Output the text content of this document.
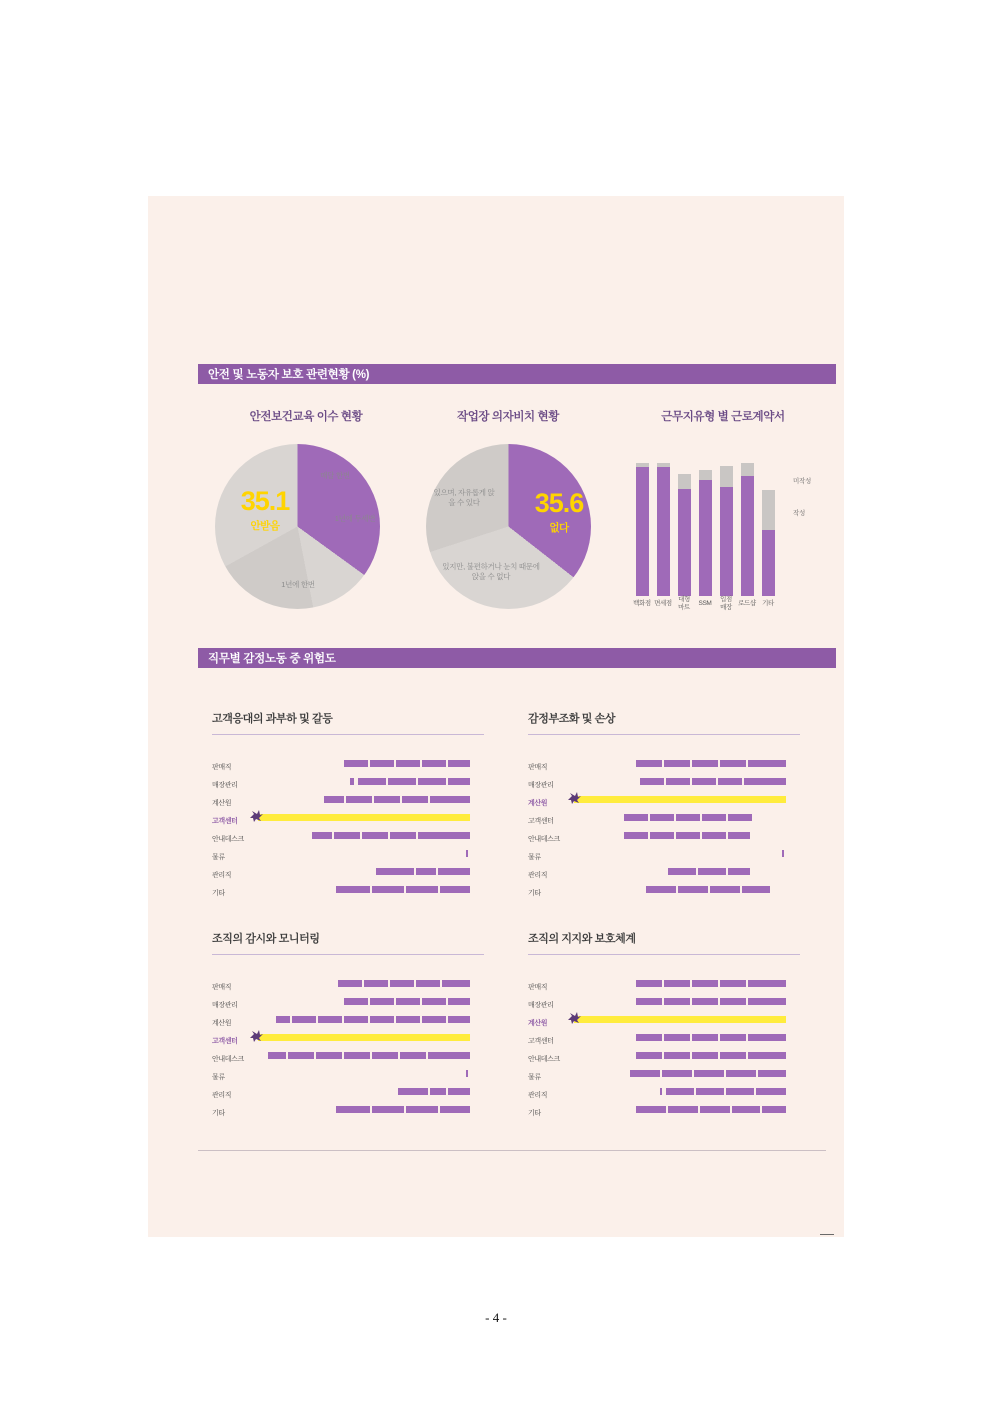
안전 및 노동자 보호 관련현황 (%)
안전보건교육 이수 현황	작업장 의자비치 현황	근무지유형 별 근로계약서
35.1
안받음
매달 한번
1년에 두세번
1년에 한번
35.6
없다
있으며, 자유롭게 앉을 수 있다
있지만, 불편하거나 눈치 때문에 앉을 수 없다
백화점 면세점
대형
마트
SSM
입점
매장
로드샵 기타
미작성
작성
직무별 감정노동 중 위험도
고객응대의 과부하 및 갈등
판매직
매장관리
계산원
고객센터
안내데스크
물류
관리직
기타
감정부조화 및 손상
판매직
매장관리
계산원
고객센터
안내데스크
물류
관리직
기타
조직의 감시와 모니터링
판매직
매장관리
계산원
고객센터
안내데스크
물류
관리직
기타
조직의 지지와 보호체계
판매직
매장관리
계산원
고객센터
안내데스크
물류
관리직
기타
- 4 -
